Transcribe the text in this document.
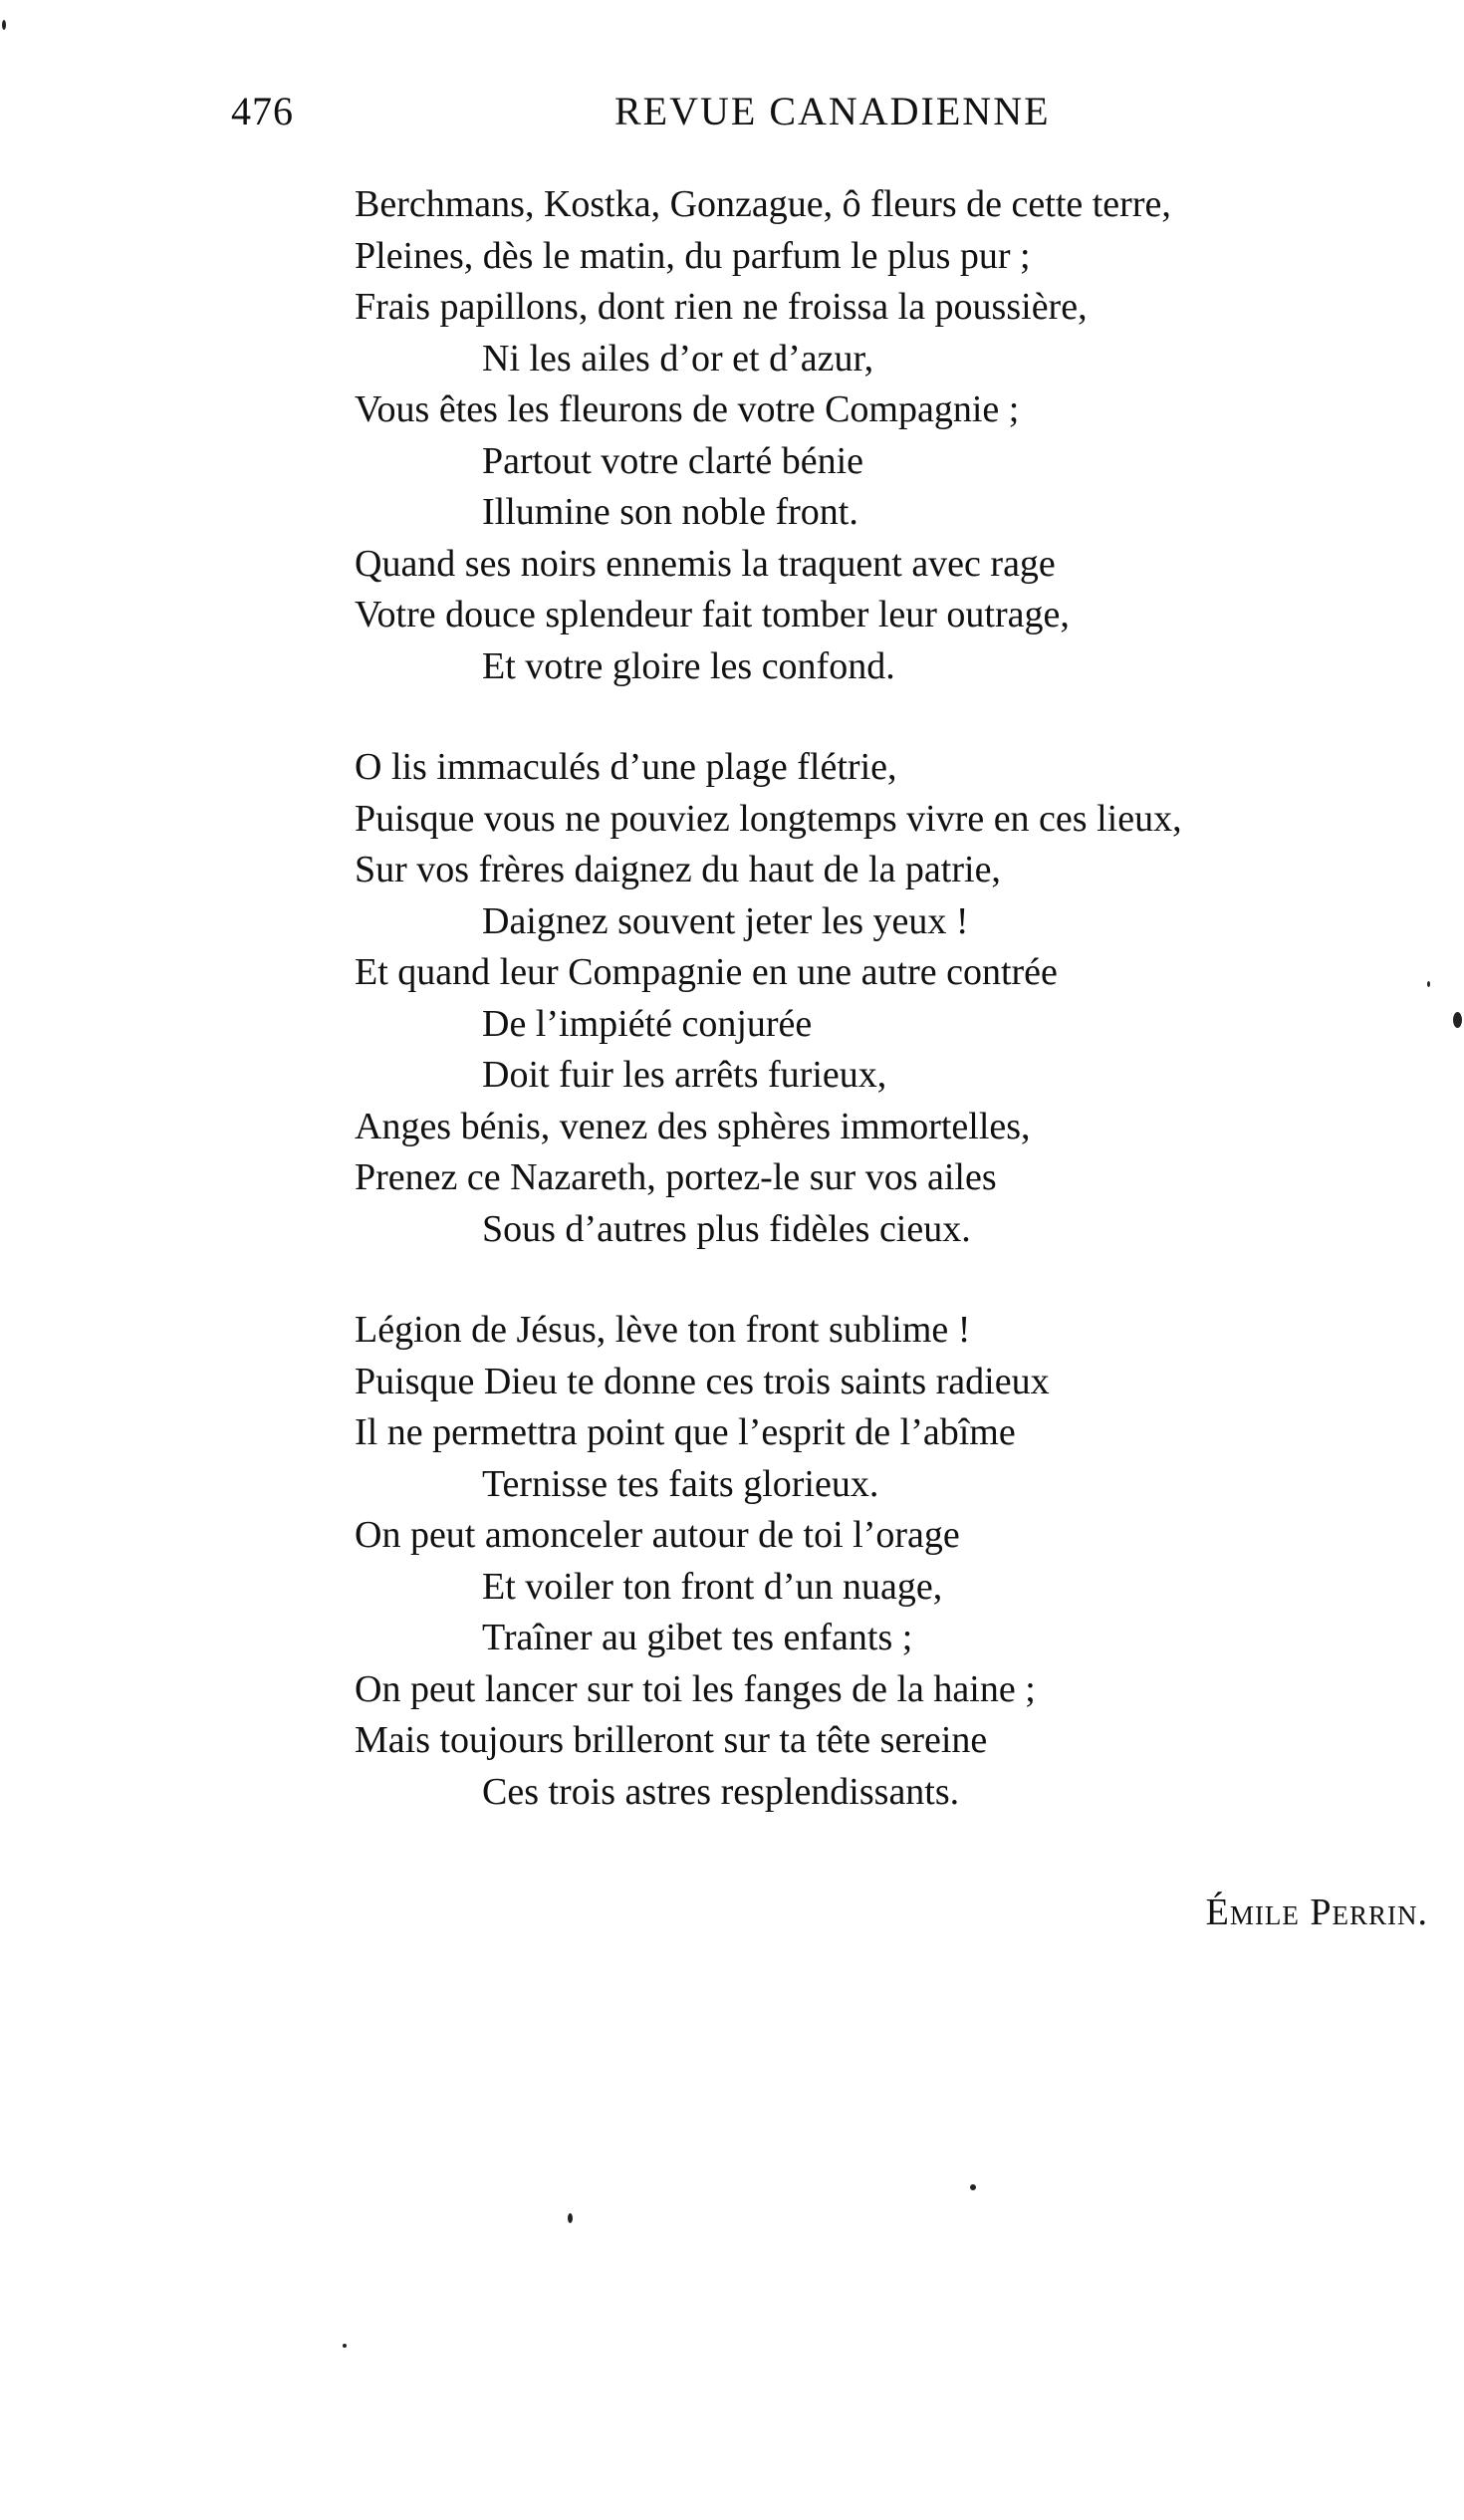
476	REVUE CANADIENNE
Berchmans, Kostka, Gonzague, ô fleurs de cette terre,
Pleines, dès le matin, du parfum le plus pur ;
Frais papillons, dont rien ne froissa la poussière,
Ni les ailes d’or et d’azur,
Vous êtes les fleurons de votre Compagnie ;
Partout votre clarté bénie
Illumine son noble front.
Quand ses noirs ennemis la traquent avec rage
Votre douce splendeur fait tomber leur outrage,
Et votre gloire les confond.
O lis immaculés d’une plage flétrie,
Puisque vous ne pouviez longtemps vivre en ces lieux,
Sur vos frères daignez du haut de la patrie,
Daignez souvent jeter les yeux !
Et quand leur Compagnie en une autre contrée
De l’impiété conjurée
Doit fuir les arrêts furieux,
Anges bénis, venez des sphères immortelles,
Prenez ce Nazareth, portez-le sur vos ailes
Sous d’autres plus fidèles cieux.
Légion de Jésus, lève ton front sublime !
Puisque Dieu te donne ces trois saints radieux
Il ne permettra point que l’esprit de l’abîme
Ternisse tes faits glorieux.
On peut amonceler autour de toi l’orage
Et voiler ton front d’un nuage,
Traîner au gibet tes enfants ;
On peut lancer sur toi les fanges de la haine ;
Mais toujours brilleront sur ta tête sereine
Ces trois astres resplendissants.
Émile Perrin.
